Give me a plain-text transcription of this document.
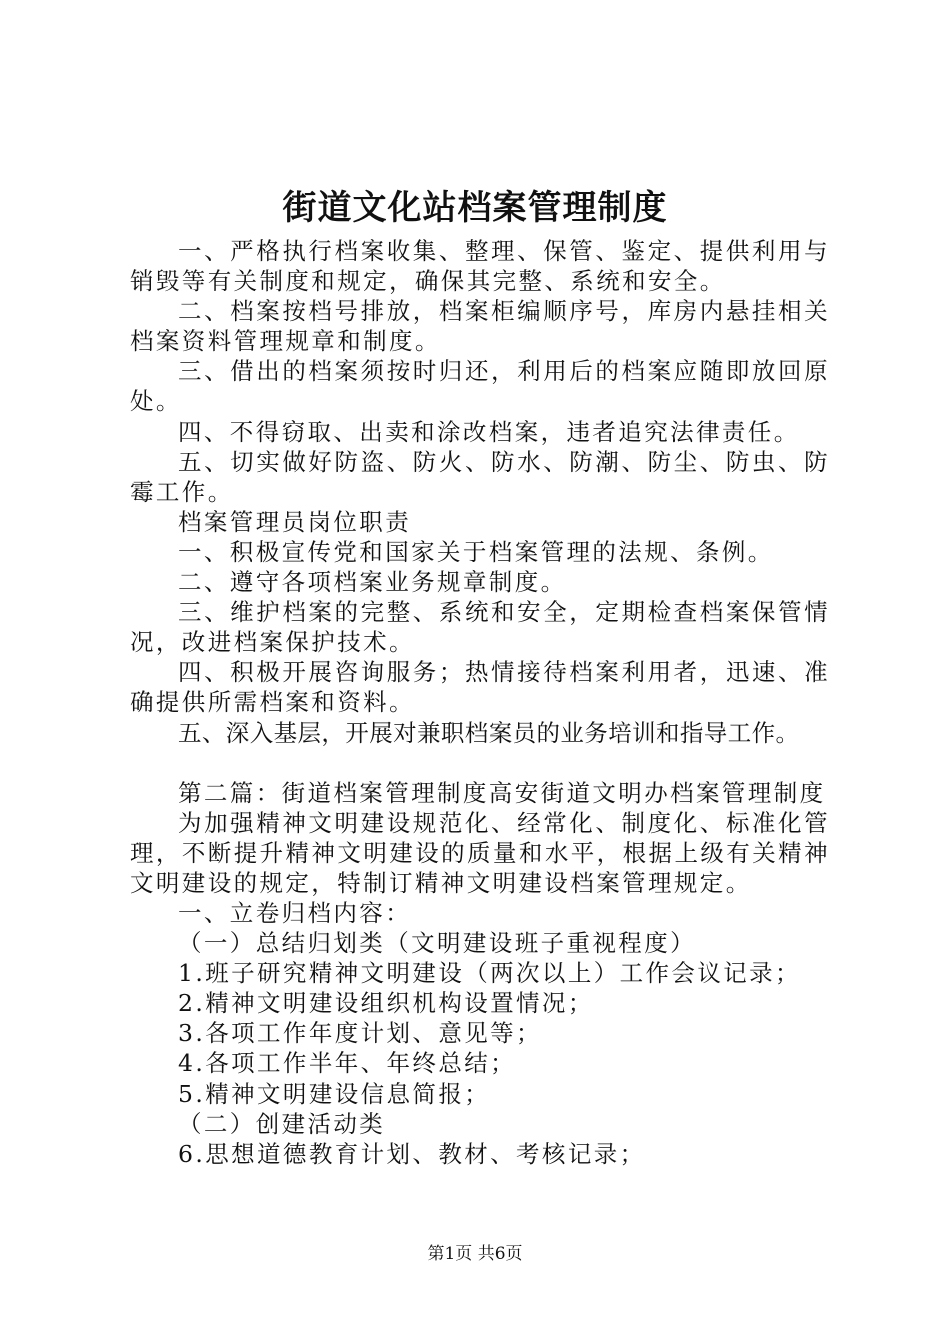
街道文化站档案管理制度

一、严格执行档案收集、整理、保管、鉴定、提供利用与销毁等有关制度和规定，确保其完整、系统和安全。

二、档案按档号排放，档案柜编顺序号，库房内悬挂相关档案资料管理规章和制度。

三、借出的档案须按时归还，利用后的档案应随即放回原处。

四、不得窃取、出卖和涂改档案，违者追究法律责任。

五、切实做好防盗、防火、防水、防潮、防尘、防虫、防霉工作。

档案管理员岗位职责

一、积极宣传党和国家关于档案管理的法规、条例。

二、遵守各项档案业务规章制度。

三、维护档案的完整、系统和安全，定期检查档案保管情况，改进档案保护技术。

四、积极开展咨询服务；热情接待档案利用者，迅速、准确提供所需档案和资料。

五、深入基层，开展对兼职档案员的业务培训和指导工作。

第二篇：街道档案管理制度高安街道文明办档案管理制度

为加强精神文明建设规范化、经常化、制度化、标准化管理，不断提升精神文明建设的质量和水平，根据上级有关精神文明建设的规定，特制订精神文明建设档案管理规定。

一、立卷归档内容：

（一）总结归划类（文明建设班子重视程度）

1.班子研究精神文明建设（两次以上）工作会议记录；

2.精神文明建设组织机构设置情况；

3.各项工作年度计划、意见等；

4.各项工作半年、年终总结；

5.精神文明建设信息简报；

（二）创建活动类

6.思想道德教育计划、教材、考核记录；

第1页 共6页
